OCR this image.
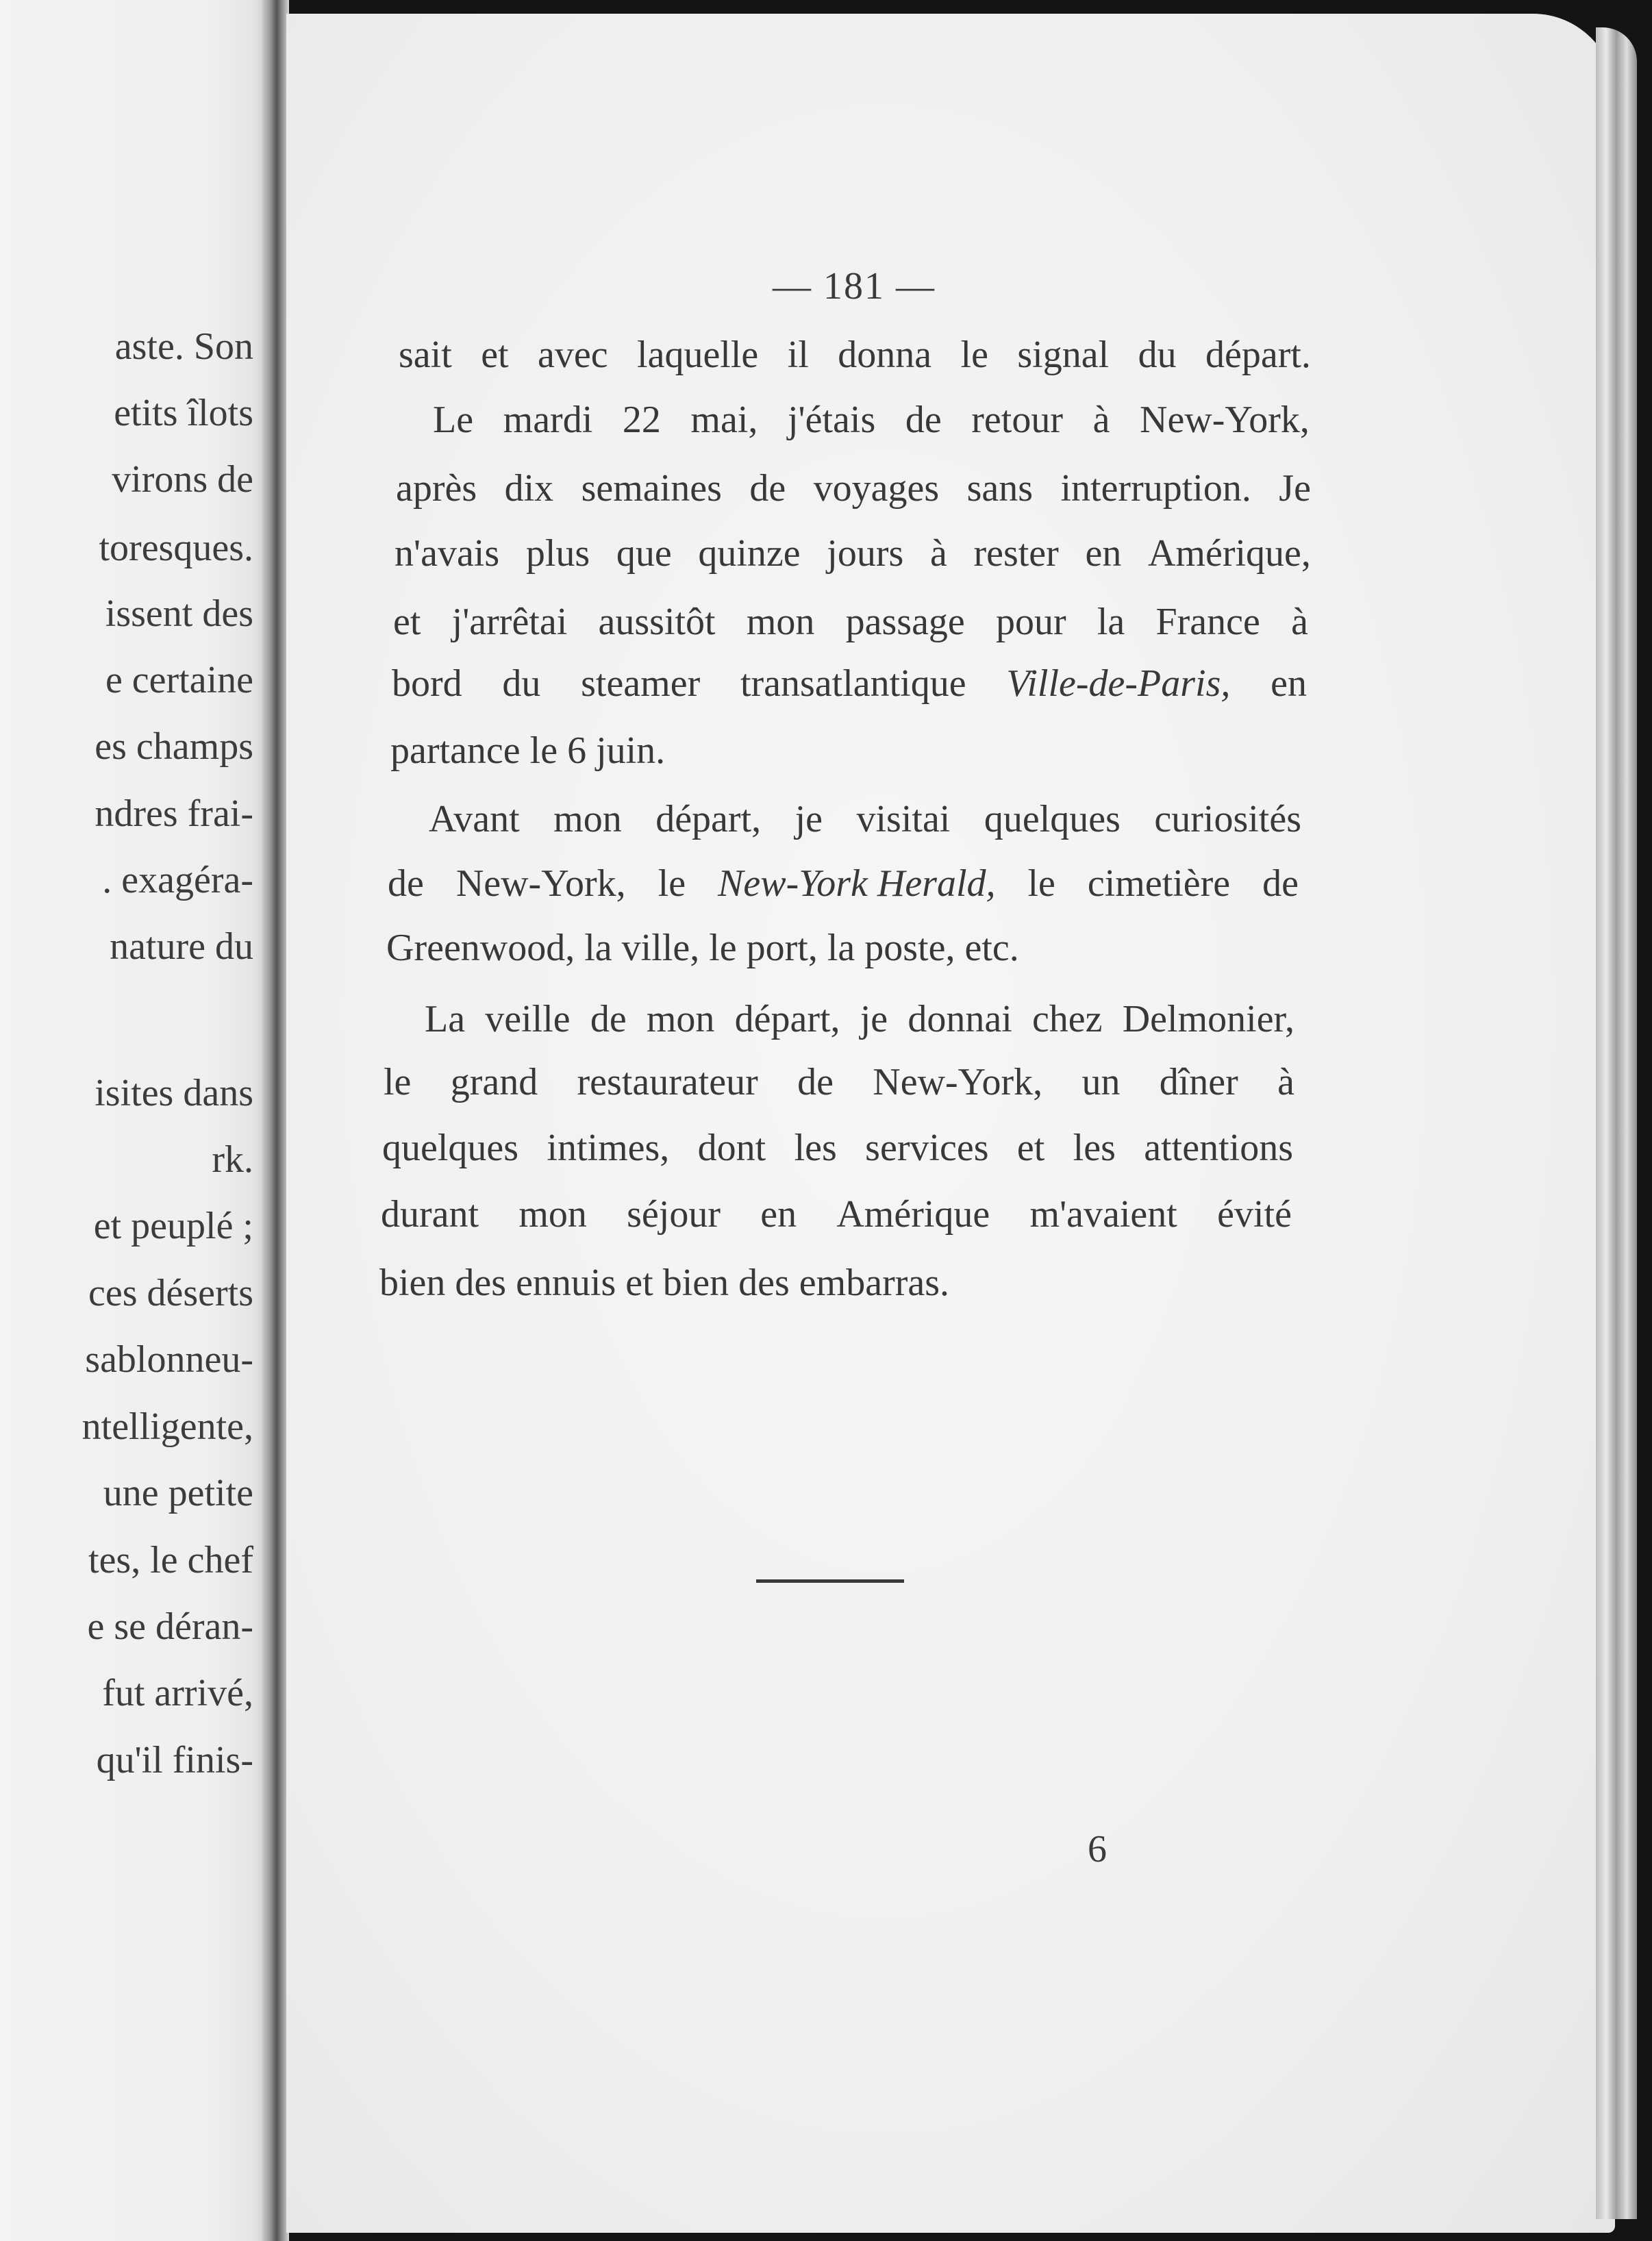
aste. Son
etits îlots
virons de
toresques.
issent des
e certaine
es champs
ndres frai-
. exagéra-
nature du
isites dans
rk.
et peuplé ;
ces déserts
sablonneu-
ntelligente,
une petite
tes, le chef
e se déran-
fut arrivé,
qu'il finis-
— 181 —
sait et avec laquelle il donna le signal du départ.
Le mardi 22 mai, j'étais de retour à New-York,
après dix semaines de voyages sans interruption. Je
n'avais plus que quinze jours à rester en Amérique,
et j'arrêtai aussitôt mon passage pour la France à
bord du steamer transatlantique Ville-de-Paris, en
partance le 6 juin.
Avant mon départ, je visitai quelques curiosités
de New-York, le New-York Herald, le cimetière de
Greenwood, la ville, le port, la poste, etc.
La veille de mon départ, je donnai chez Delmonier,
le grand restaurateur de New-York, un dîner à
quelques intimes, dont les services et les attentions
durant mon séjour en Amérique m'avaient évité
bien des ennuis et bien des embarras.
6
